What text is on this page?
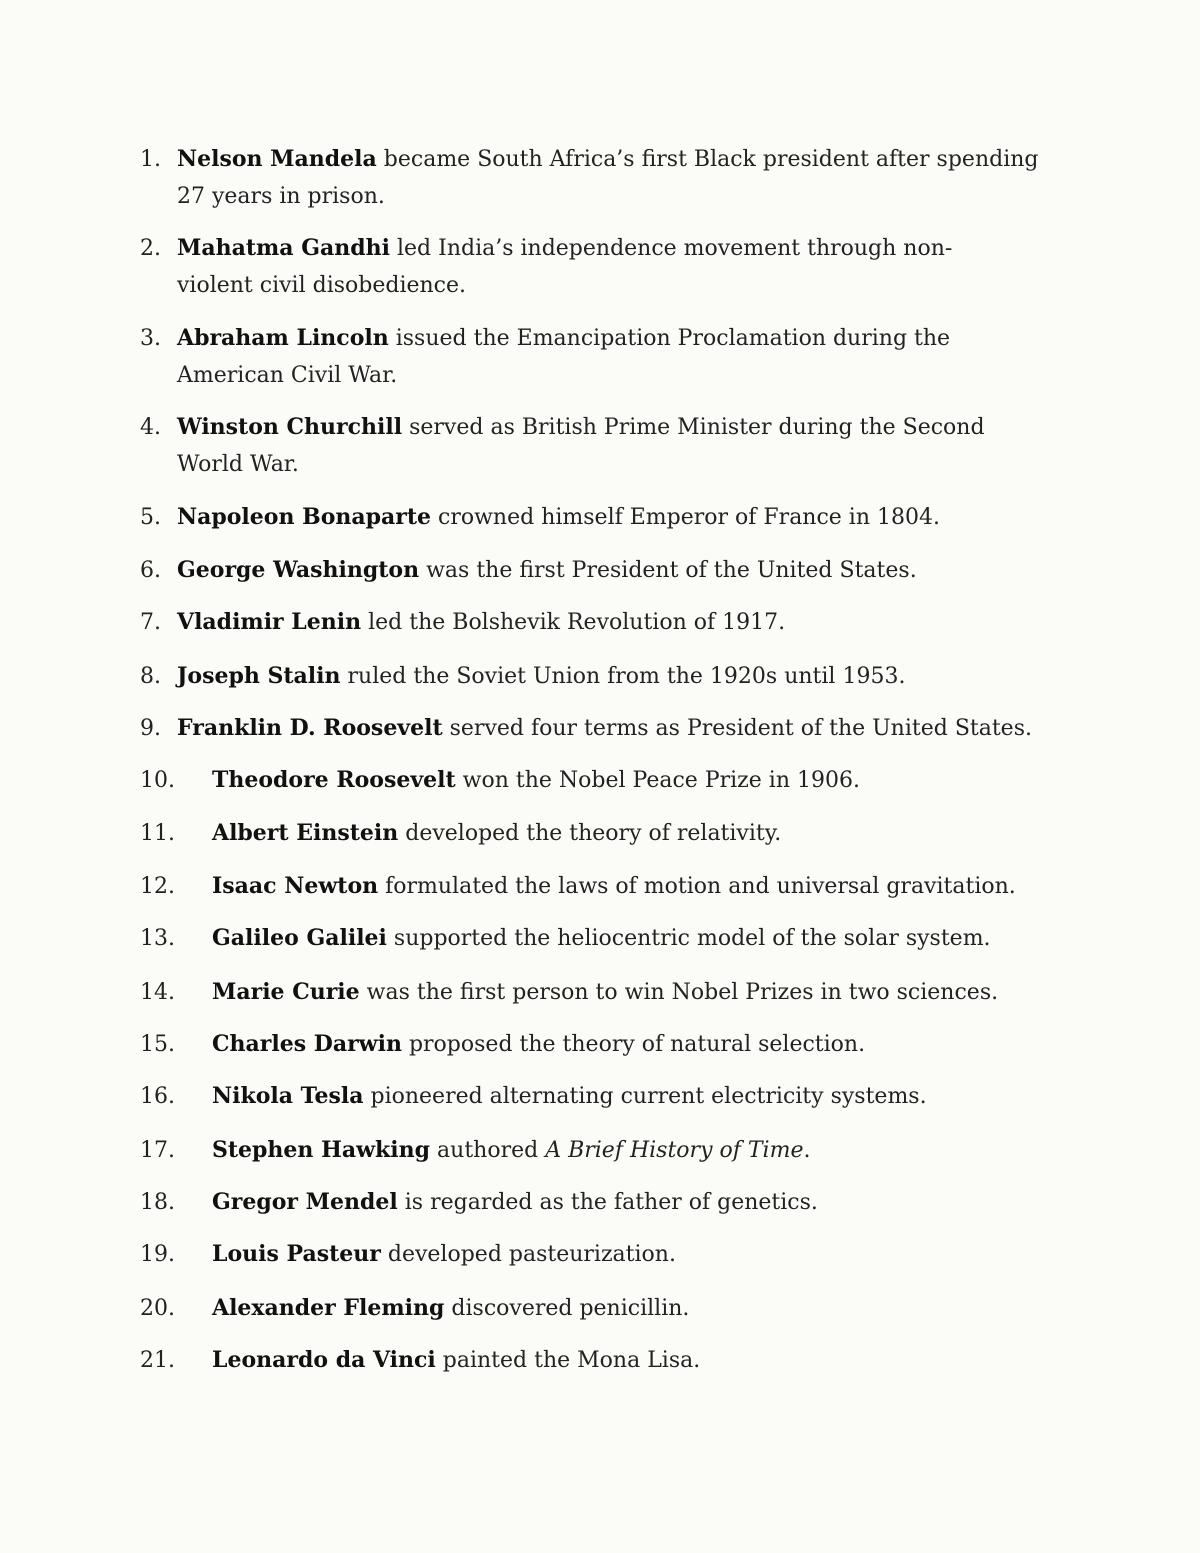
1. Nelson Mandela became South Africa’s first Black president after spending
27 years in prison.
2. Mahatma Gandhi led India’s independence movement through non-
violent civil disobedience.
3. Abraham Lincoln issued the Emancipation Proclamation during the
American Civil War.
4. Winston Churchill served as British Prime Minister during the Second
World War.
5. Napoleon Bonaparte crowned himself Emperor of France in 1804.
6. George Washington was the first President of the United States.
7. Vladimir Lenin led the Bolshevik Revolution of 1917.
8. Joseph Stalin ruled the Soviet Union from the 1920s until 1953.
9. Franklin D. Roosevelt served four terms as President of the United States.
10. Theodore Roosevelt won the Nobel Peace Prize in 1906.
11. Albert Einstein developed the theory of relativity.
12. Isaac Newton formulated the laws of motion and universal gravitation.
13. Galileo Galilei supported the heliocentric model of the solar system.
14. Marie Curie was the first person to win Nobel Prizes in two sciences.
15. Charles Darwin proposed the theory of natural selection.
16. Nikola Tesla pioneered alternating current electricity systems.
17. Stephen Hawking authored A Brief History of Time.
18. Gregor Mendel is regarded as the father of genetics.
19. Louis Pasteur developed pasteurization.
20. Alexander Fleming discovered penicillin.
21. Leonardo da Vinci painted the Mona Lisa.
